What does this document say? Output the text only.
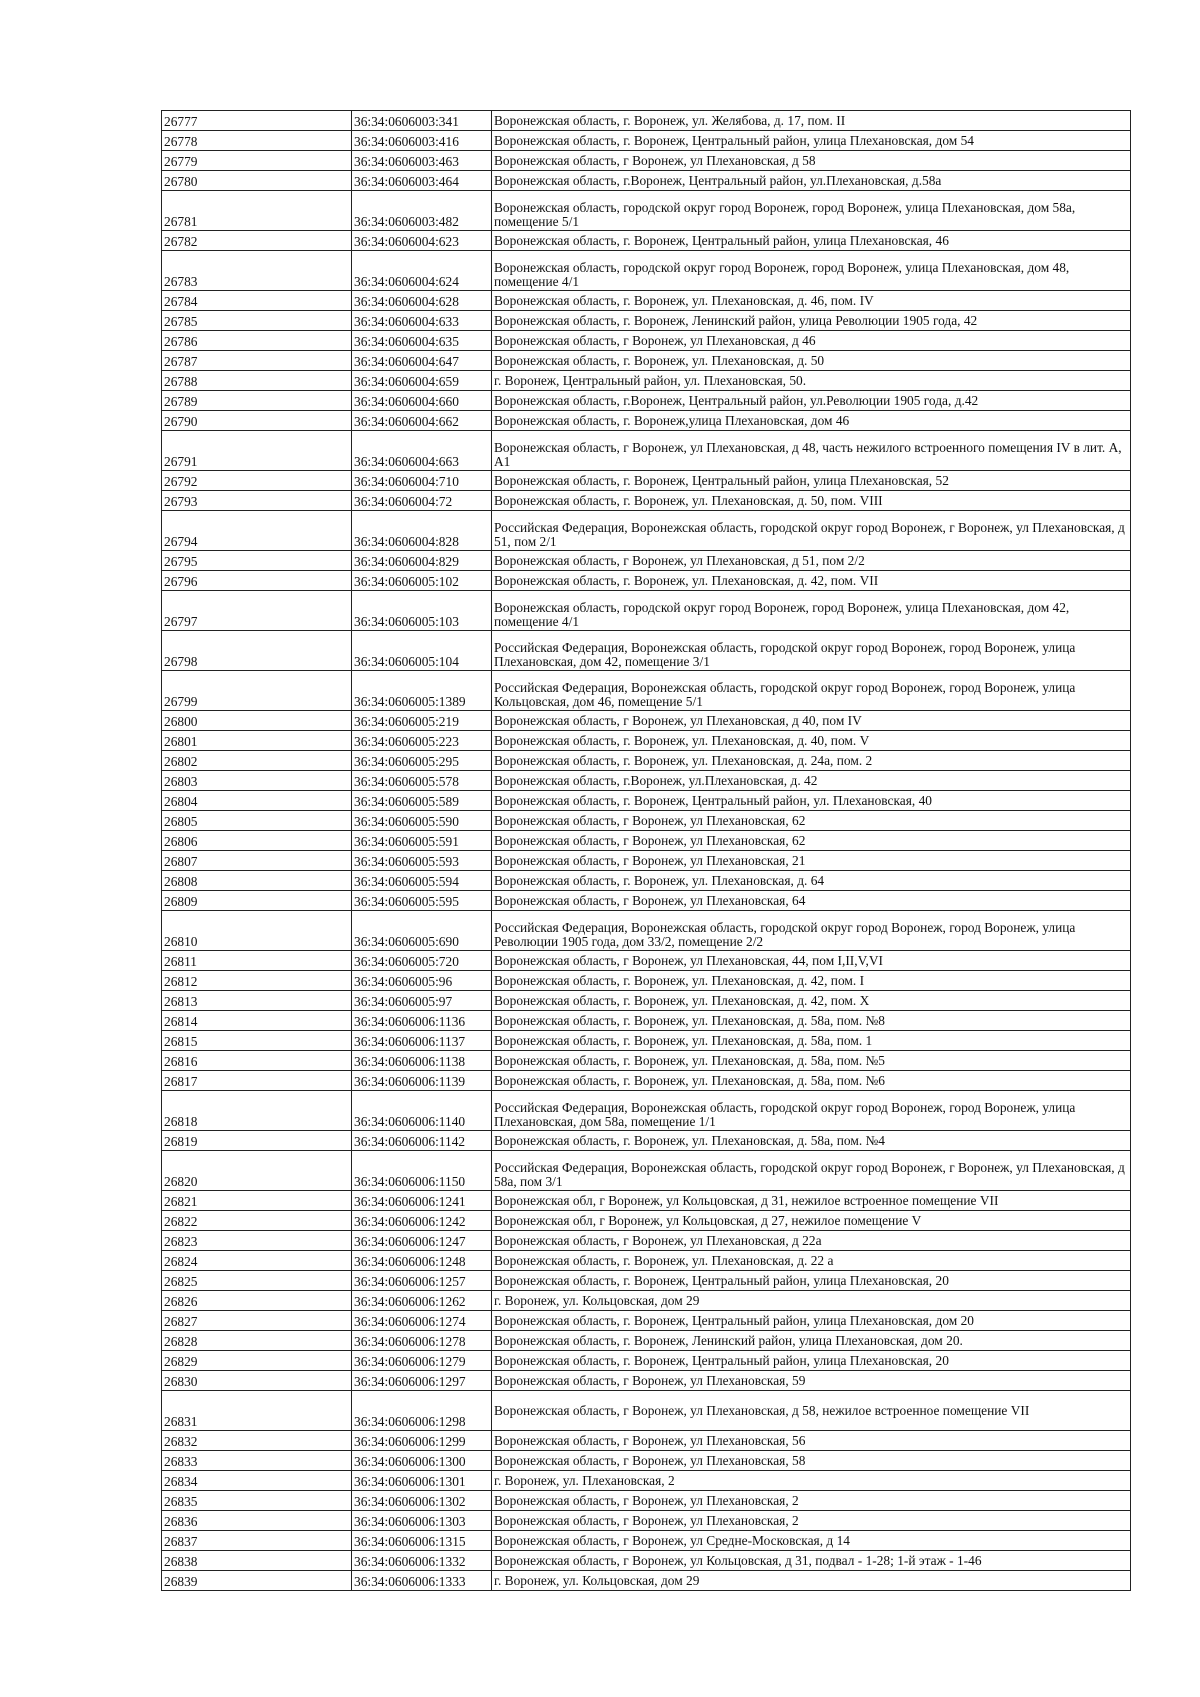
26777	36:34:0606003:341	Воронежская область, г. Воронеж, ул. Желябова, д. 17, пом. II
26778	36:34:0606003:416	Воронежская область, г. Воронеж, Центральный район, улица Плехановская, дом 54
26779	36:34:0606003:463	Воронежская область, г Воронеж, ул Плехановская, д 58
26780	36:34:0606003:464	Воронежская область, г.Воронеж, Центральный район, ул.Плехановская, д.58а
26781	36:34:0606003:482	Воронежская область, городской округ город Воронеж, город Воронеж, улица Плехановская, дом 58а, помещение 5/1
26782	36:34:0606004:623	Воронежская область, г. Воронеж, Центральный район, улица Плехановская, 46
26783	36:34:0606004:624	Воронежская область, городской округ город Воронеж, город Воронеж, улица Плехановская, дом 48, помещение 4/1
26784	36:34:0606004:628	Воронежская область, г. Воронеж, ул. Плехановская, д. 46, пом. IV
26785	36:34:0606004:633	Воронежская область, г. Воронеж, Ленинский район, улица Революции 1905 года, 42
26786	36:34:0606004:635	Воронежская область, г Воронеж, ул Плехановская, д 46
26787	36:34:0606004:647	Воронежская область, г. Воронеж, ул. Плехановская, д. 50
26788	36:34:0606004:659	г. Воронеж, Центральный район, ул. Плехановская, 50.
26789	36:34:0606004:660	Воронежская область, г.Воронеж, Центральный район, ул.Революции 1905 года, д.42
26790	36:34:0606004:662	Воронежская область, г. Воронеж,улица Плехановская, дом 46
26791	36:34:0606004:663	Воронежская область, г Воронеж, ул Плехановская, д 48, часть нежилого встроенного помещения IV в лит. А, А1
26792	36:34:0606004:710	Воронежская область, г. Воронеж, Центральный район, улица Плехановская, 52
26793	36:34:0606004:72	Воронежская область, г. Воронеж, ул. Плехановская, д. 50, пом. VIII
26794	36:34:0606004:828	Российская Федерация, Воронежская область, городской округ город Воронеж, г Воронеж, ул Плехановская, д 51, пом 2/1
26795	36:34:0606004:829	Воронежская область, г Воронеж, ул Плехановская, д 51, пом 2/2
26796	36:34:0606005:102	Воронежская область, г. Воронеж, ул. Плехановская, д. 42, пом. VII
26797	36:34:0606005:103	Воронежская область, городской округ город Воронеж, город Воронеж, улица Плехановская, дом 42, помещение 4/1
26798	36:34:0606005:104	Российская Федерация, Воронежская область, городской округ город Воронеж, город Воронеж, улица Плехановская, дом 42, помещение 3/1
26799	36:34:0606005:1389	Российская Федерация, Воронежская область, городской округ город Воронеж, город Воронеж, улица Кольцовская, дом 46, помещение 5/1
26800	36:34:0606005:219	Воронежская область, г Воронеж, ул Плехановская, д 40, пом IV
26801	36:34:0606005:223	Воронежская область, г. Воронеж, ул. Плехановская, д. 40, пом. V
26802	36:34:0606005:295	Воронежская область, г. Воронеж, ул. Плехановская, д. 24а, пом. 2
26803	36:34:0606005:578	Воронежская область, г.Воронеж, ул.Плехановская, д. 42
26804	36:34:0606005:589	Воронежская область, г. Воронеж, Центральный район, ул. Плехановская, 40
26805	36:34:0606005:590	Воронежская область, г Воронеж, ул Плехановская, 62
26806	36:34:0606005:591	Воронежская область, г Воронеж, ул Плехановская, 62
26807	36:34:0606005:593	Воронежская область, г Воронеж, ул Плехановская, 21
26808	36:34:0606005:594	Воронежская область, г. Воронеж, ул. Плехановская, д. 64
26809	36:34:0606005:595	Воронежская область, г Воронеж, ул Плехановская, 64
26810	36:34:0606005:690	Российская Федерация, Воронежская область, городской округ город Воронеж, город Воронеж, улица Революции 1905 года, дом 33/2, помещение 2/2
26811	36:34:0606005:720	Воронежская область, г Воронеж, ул Плехановская, 44, пом I,II,V,VI
26812	36:34:0606005:96	Воронежская область, г. Воронеж, ул. Плехановская, д. 42, пом. I
26813	36:34:0606005:97	Воронежская область, г. Воронеж, ул. Плехановская, д. 42, пом. X
26814	36:34:0606006:1136	Воронежская область, г. Воронеж, ул. Плехановская, д. 58а, пом. №8
26815	36:34:0606006:1137	Воронежская область, г. Воронеж, ул. Плехановская, д. 58а, пом. 1
26816	36:34:0606006:1138	Воронежская область, г. Воронеж, ул. Плехановская, д. 58а, пом. №5
26817	36:34:0606006:1139	Воронежская область, г. Воронеж, ул. Плехановская, д. 58а, пом. №6
26818	36:34:0606006:1140	Российская Федерация, Воронежская область, городской округ город Воронеж, город Воронеж, улица Плехановская, дом 58а, помещение 1/1
26819	36:34:0606006:1142	Воронежская область, г. Воронеж, ул. Плехановская, д. 58а, пом. №4
26820	36:34:0606006:1150	Российская Федерация, Воронежская область, городской округ город Воронеж, г Воронеж, ул Плехановская, д 58а, пом 3/1
26821	36:34:0606006:1241	Воронежская обл, г Воронеж, ул Кольцовская, д 31, нежилое встроенное помещение VII
26822	36:34:0606006:1242	Воронежская обл, г Воронеж, ул Кольцовская, д 27, нежилое помещение V
26823	36:34:0606006:1247	Воронежская область, г Воронеж, ул Плехановская, д 22а
26824	36:34:0606006:1248	Воронежская область, г. Воронеж, ул. Плехановская, д. 22 а
26825	36:34:0606006:1257	Воронежская область, г. Воронеж, Центральный район, улица Плехановская, 20
26826	36:34:0606006:1262	г. Воронеж, ул. Кольцовская, дом 29
26827	36:34:0606006:1274	Воронежская область, г. Воронеж, Центральный район, улица Плехановская, дом 20
26828	36:34:0606006:1278	Воронежская область, г. Воронеж, Ленинский район, улица Плехановская, дом 20.
26829	36:34:0606006:1279	Воронежская область, г. Воронеж, Центральный район, улица Плехановская, 20
26830	36:34:0606006:1297	Воронежская область, г Воронеж, ул Плехановская, 59
26831	36:34:0606006:1298	Воронежская область, г Воронеж, ул Плехановская, д 58, нежилое встроенное помещение VII
26832	36:34:0606006:1299	Воронежская область, г Воронеж, ул Плехановская, 56
26833	36:34:0606006:1300	Воронежская область, г Воронеж, ул Плехановская, 58
26834	36:34:0606006:1301	г. Воронеж, ул. Плехановская, 2
26835	36:34:0606006:1302	Воронежская область, г Воронеж, ул Плехановская, 2
26836	36:34:0606006:1303	Воронежская область, г Воронеж, ул Плехановская, 2
26837	36:34:0606006:1315	Воронежская область, г Воронеж, ул Средне-Московская, д 14
26838	36:34:0606006:1332	Воронежская область, г Воронеж, ул Кольцовская, д 31, подвал - 1-28; 1-й этаж - 1-46
26839	36:34:0606006:1333	г. Воронеж, ул. Кольцовская, дом 29
